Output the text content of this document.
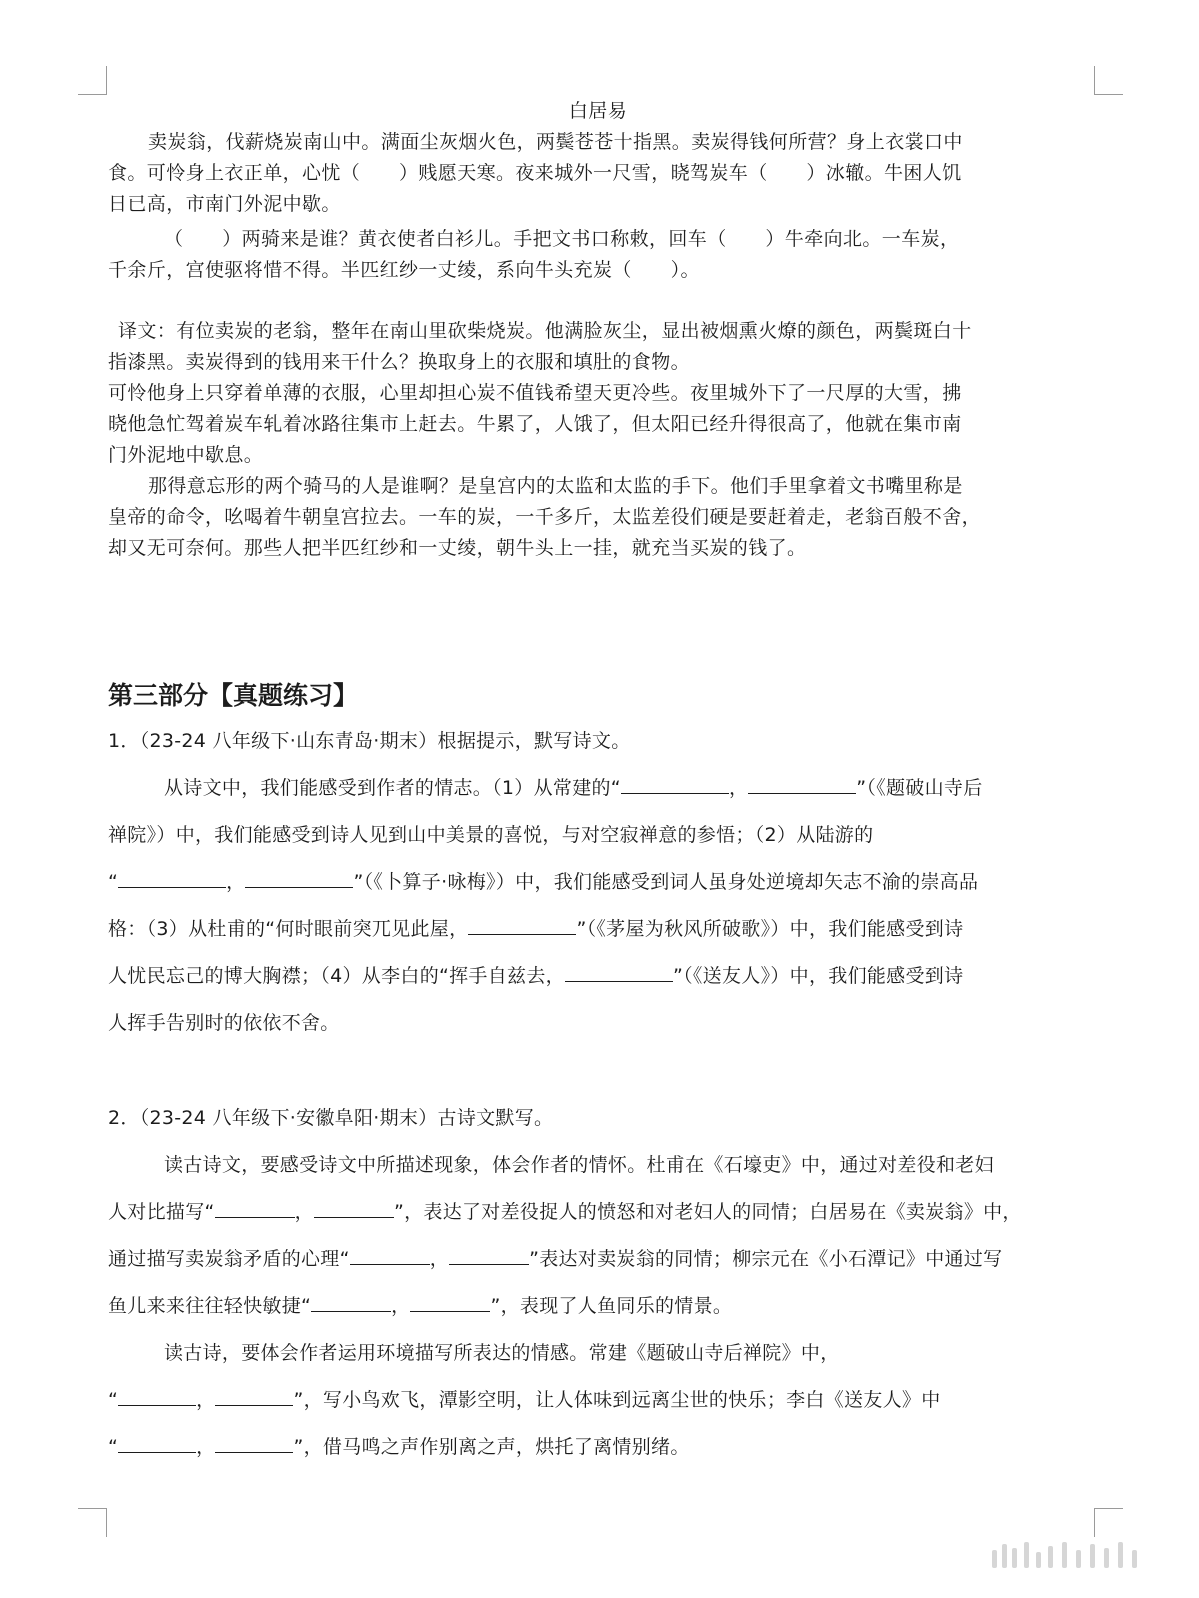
白居易
卖炭翁，伐薪烧炭南山中。满面尘灰烟火色，两鬓苍苍十指黑。卖炭得钱何所营？身上衣裳口中
食。可怜身上衣正单，心忧（　　）贱愿天寒。夜来城外一尺雪，晓驾炭车（　　）冰辙。牛困人饥
日已高，市南门外泥中歇。
（　　）两骑来是谁？黄衣使者白衫儿。手把文书口称敕，回车（　　）牛牵向北。一车炭，
千余斤，宫使驱将惜不得。半匹红纱一丈绫，系向牛头充炭（　　）。
译文：有位卖炭的老翁，整年在南山里砍柴烧炭。他满脸灰尘，显出被烟熏火燎的颜色，两鬓斑白十
指漆黑。卖炭得到的钱用来干什么？换取身上的衣服和填肚的食物。
可怜他身上只穿着单薄的衣服，心里却担心炭不值钱希望天更冷些。夜里城外下了一尺厚的大雪，拂
晓他急忙驾着炭车轧着冰路往集市上赶去。牛累了，人饿了，但太阳已经升得很高了，他就在集市南
门外泥地中歇息。
那得意忘形的两个骑马的人是谁啊？是皇宫内的太监和太监的手下。他们手里拿着文书嘴里称是
皇帝的命令，吆喝着牛朝皇宫拉去。一车的炭，一千多斤，太监差役们硬是要赶着走，老翁百般不舍，
却又无可奈何。那些人把半匹红纱和一丈绫，朝牛头上一挂，就充当买炭的钱了。
第三部分【真题练习】
1．（23-24 八年级下·山东青岛·期末）根据提示，默写诗文。
从诗文中，我们能感受到作者的情志。（1）从常建的“	，	”（《题破山寺后
禅院》）中，我们能感受到诗人见到山中美景的喜悦，与对空寂禅意的参悟；（2）从陆游的
“	，	”（《卜算子·咏梅》）中，我们能感受到词人虽身处逆境却矢志不渝的崇高品
格：（3）从杜甫的“何时眼前突兀见此屋，	”（《茅屋为秋风所破歌》）中，我们能感受到诗
人忧民忘己的博大胸襟；（4）从李白的“挥手自兹去，	”（《送友人》）中，我们能感受到诗
人挥手告别时的依依不舍。
2．（23-24 八年级下·安徽阜阳·期末）古诗文默写。
读古诗文，要感受诗文中所描述现象，体会作者的情怀。杜甫在《石壕吏》中，通过对差役和老妇
人对比描写“	，	”，表达了对差役捉人的愤怒和对老妇人的同情；白居易在《卖炭翁》中，
通过描写卖炭翁矛盾的心理“	，	”表达对卖炭翁的同情；柳宗元在《小石潭记》中通过写
鱼儿来来往往轻快敏捷“	，	”，表现了人鱼同乐的情景。
读古诗，要体会作者运用环境描写所表达的情感。常建《题破山寺后禅院》中，
“	，	”，写小鸟欢飞，潭影空明，让人体味到远离尘世的快乐；李白《送友人》中
“	，	”，借马鸣之声作别离之声，烘托了离情别绪。
